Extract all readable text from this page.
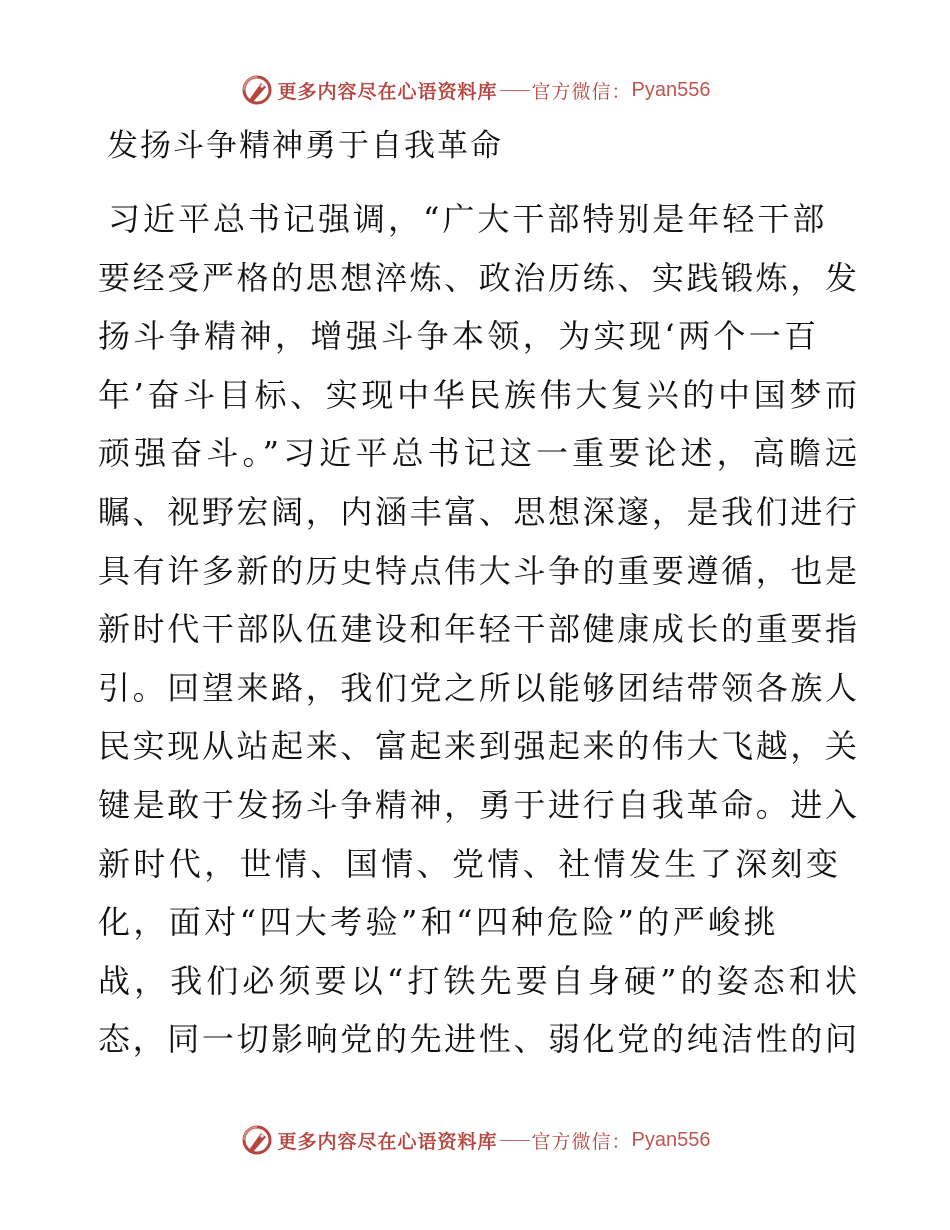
更多内容尽在心语资料库 官方微信： Pyan556
发扬斗争精神勇于自我革命
习近平总书记强调，“广大干部特别是年轻干部
要经受严格的思想淬炼、政治历练、实践锻炼，发
扬斗争精神，增强斗争本领，为实现‘两个一百
年’奋斗目标、实现中华民族伟大复兴的中国梦而
顽强奋斗。”习近平总书记这一重要论述，高瞻远
瞩、视野宏阔，内涵丰富、思想深邃，是我们进行
具有许多新的历史特点伟大斗争的重要遵循，也是
新时代干部队伍建设和年轻干部健康成长的重要指
引。回望来路，我们党之所以能够团结带领各族人
民实现从站起来、富起来到强起来的伟大飞越，关
键是敢于发扬斗争精神，勇于进行自我革命。进入
新时代，世情、国情、党情、社情发生了深刻变
化，面对“四大考验”和“四种危险”的严峻挑
战，我们必须要以“打铁先要自身硬”的姿态和状
态，同一切影响党的先进性、弱化党的纯洁性的问
更多内容尽在心语资料库 官方微信： Pyan556
